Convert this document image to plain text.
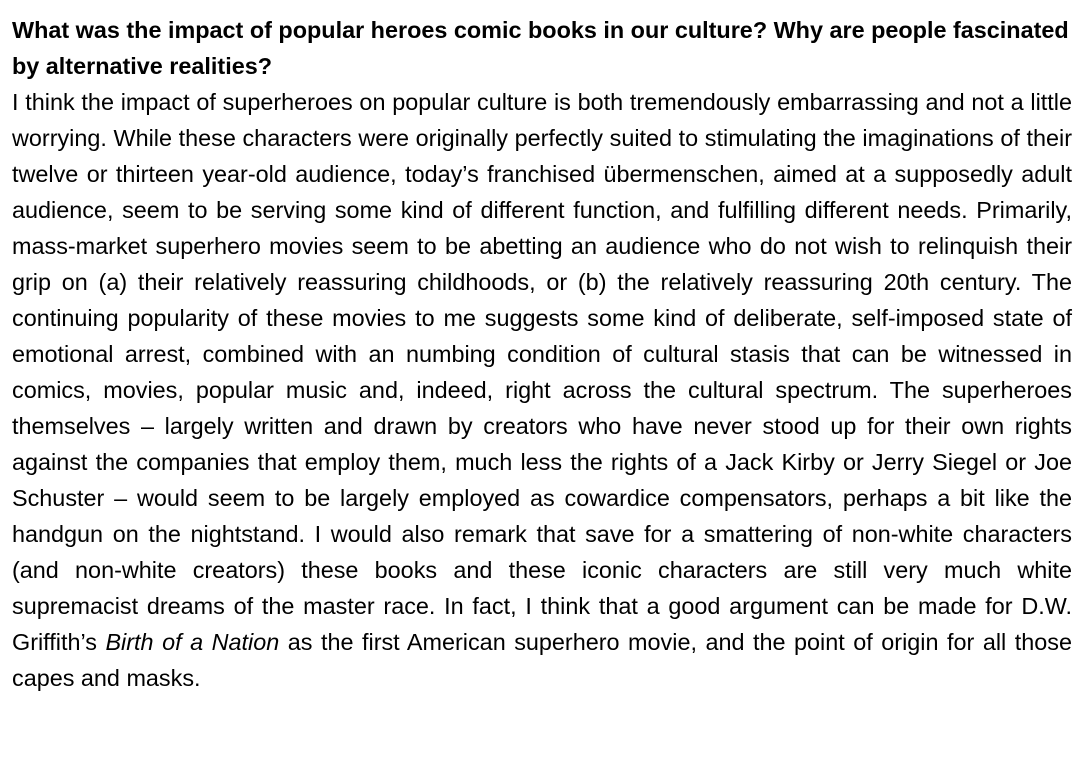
What was the impact of popular heroes comic books in our culture? Why are people fascinated by alternative realities?

I think the impact of superheroes on popular culture is both tremendously embarrassing and not a little worrying. While these characters were originally perfectly suited to stimulating the imaginations of their twelve or thirteen year-old audience, today’s franchised übermenschen, aimed at a supposedly adult audience, seem to be serving some kind of different function, and fulfilling different needs. Primarily, mass-market superhero movies seem to be abetting an audience who do not wish to relinquish their grip on (a) their relatively reassuring childhoods, or (b) the relatively reassuring 20th century. The continuing popularity of these movies to me suggests some kind of deliberate, self-imposed state of emotional arrest, combined with an numbing condition of cultural stasis that can be witnessed in comics, movies, popular music and, indeed, right across the cultural spectrum. The superheroes themselves – largely written and drawn by creators who have never stood up for their own rights against the companies that employ them, much less the rights of a Jack Kirby or Jerry Siegel or Joe Schuster – would seem to be largely employed as cowardice compensators, perhaps a bit like the handgun on the nightstand. I would also remark that save for a smattering of non-white characters (and non-white creators) these books and these iconic characters are still very much white supremacist dreams of the master race. In fact, I think that a good argument can be made for D.W. Griffith’s Birth of a Nation as the first American superhero movie, and the point of origin for all those capes and masks.
